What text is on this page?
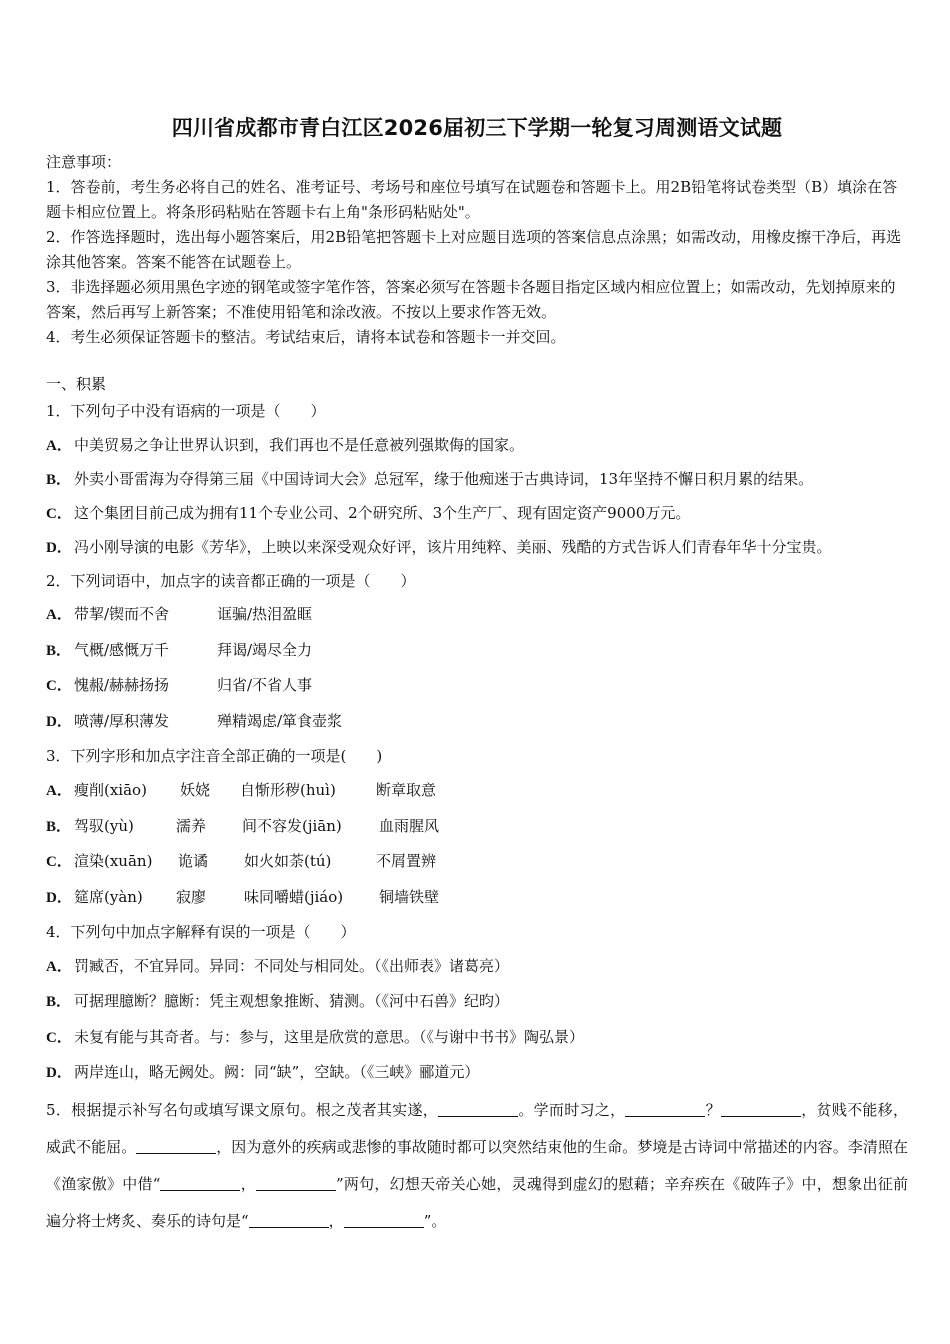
四川省成都市青白江区2026届初三下学期一轮复习周测语文试题

注意事项：

1．答卷前，考生务必将自己的姓名、准考证号、考场号和座位号填写在试题卷和答题卡上。用2B铅笔将试卷类型（B）填涂在答题卡相应位置上。将条形码粘贴在答题卡右上角"条形码粘贴处"。

2．作答选择题时，选出每小题答案后，用2B铅笔把答题卡上对应题目选项的答案信息点涂黑；如需改动，用橡皮擦干净后，再选涂其他答案。答案不能答在试题卷上。

3．非选择题必须用黑色字迹的钢笔或签字笔作答，答案必须写在答题卡各题目指定区域内相应位置上；如需改动，先划掉原来的答案，然后再写上新答案；不准使用铅笔和涂改液。不按以上要求作答无效。

4．考生必须保证答题卡的整洁。考试结束后，请将本试卷和答题卡一并交回。

一、积累

1．下列句子中没有语病的一项是（　　）

A． 中美贸易之争让世界认识到，我们再也不是任意被列强欺侮的国家。

B． 外卖小哥雷海为夺得第三届《中国诗词大会》总冠军，缘于他痴迷于古典诗词，13年坚持不懈日积月累的结果。

C． 这个集团目前己成为拥有11个专业公司、2个研究所、3个生产厂、现有固定资产9000万元。

D． 冯小刚导演的电影《芳华》，上映以来深受观众好评，该片用纯粹、美丽、残酷的方式告诉人们青春年华十分宝贵。

2．下列词语中，加点字的读音都正确的一项是（　　）

A． 带挈/锲而不舍	诓骗/热泪盈眶

B． 气概/感慨万千	拜谒/竭尽全力

C． 愧赧/赫赫扬扬	归省/不省人事

D． 喷薄/厚积薄发	殚精竭虑/箪食壶浆

3．下列字形和加点字注音全部正确的一项是(　　)

A． 瘦削(xiāo) 妖娆 自惭形秽(huì)	断章取意

B． 驾驭(yù)	濡养 间不容发(jiān) 血雨腥风

C． 渲染(xuān) 诡谲 如火如荼(tú)	不屑置辨

D． 筵席(yàn) 寂廖	味同嚼蜡(jiáo) 铜墙铁壁

4．下列句中加点字解释有误的一项是（　　）

A． 罚臧否，不宜异同。异同：不同处与相同处。（《出师表》诸葛亮）

B． 可据理臆断？臆断：凭主观想象推断、猜测。（《河中石兽》纪昀）

C． 未复有能与其奇者。与：参与，这里是欣赏的意思。（《与谢中书书》陶弘景）

D． 两岸连山，略无阙处。阙：同“缺”，空缺。（《三峡》郦道元）

5．根据提示补写名句或填写课文原句。根之茂者其实遂，	。学而时习之，	？	，贫贱不能移，威武不能屈。	，因为意外的疾病或悲惨的事故随时都可以突然结束他的生命。梦境是古诗词中常描述的内容。李清照在《渔家傲》中借“	，	”两句，幻想天帝关心她，灵魂得到虚幻的慰藉；辛弃疾在《破阵子》中，想象出征前遍分将士烤炙、奏乐的诗句是“	，	”。
